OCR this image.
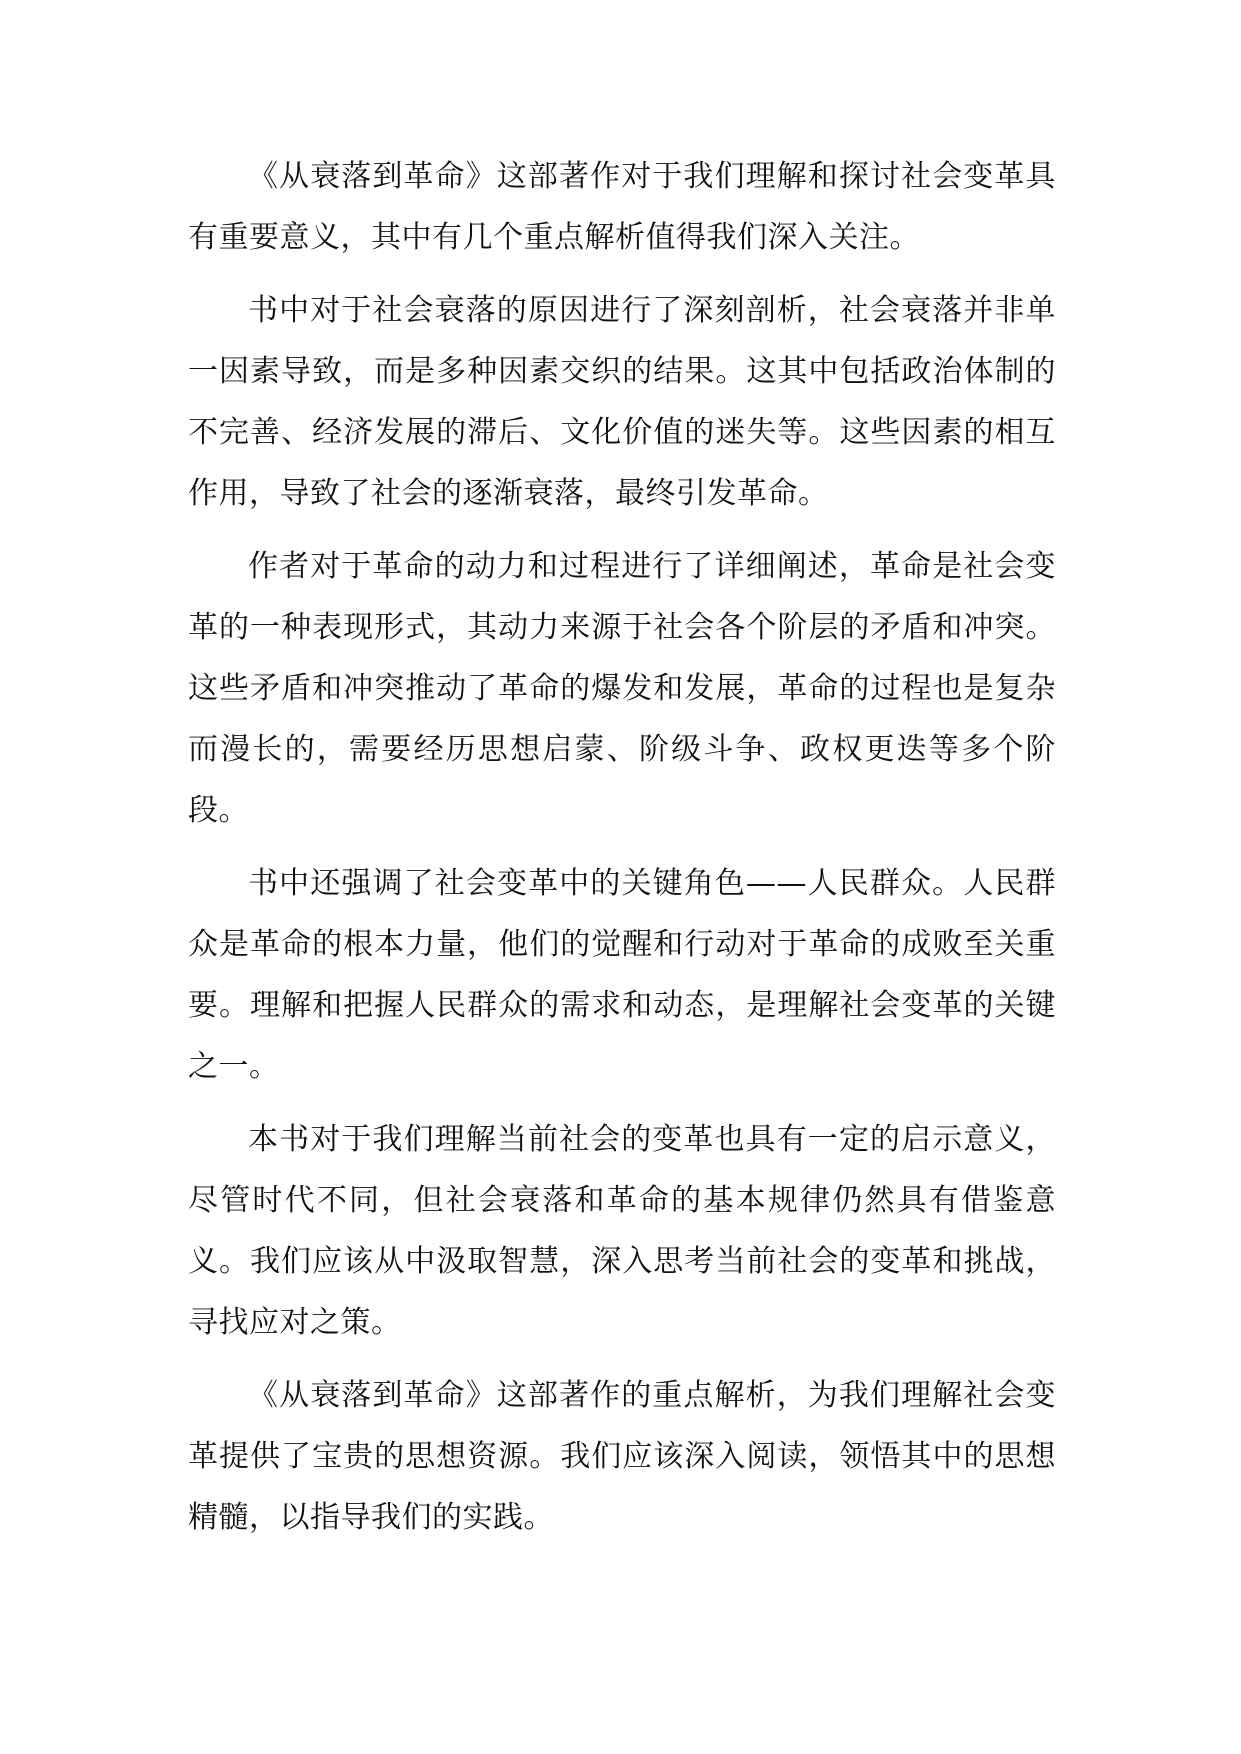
《从衰落到革命》这部著作对于我们理解和探讨社会变革具有重要意义，其中有几个重点解析值得我们深入关注。

书中对于社会衰落的原因进行了深刻剖析，社会衰落并非单一因素导致，而是多种因素交织的结果。这其中包括政治体制的不完善、经济发展的滞后、文化价值的迷失等。这些因素的相互作用，导致了社会的逐渐衰落，最终引发革命。

作者对于革命的动力和过程进行了详细阐述，革命是社会变革的一种表现形式，其动力来源于社会各个阶层的矛盾和冲突。这些矛盾和冲突推动了革命的爆发和发展，革命的过程也是复杂而漫长的，需要经历思想启蒙、阶级斗争、政权更迭等多个阶段。

书中还强调了社会变革中的关键角色——人民群众。人民群众是革命的根本力量，他们的觉醒和行动对于革命的成败至关重要。理解和把握人民群众的需求和动态，是理解社会变革的关键之一。

本书对于我们理解当前社会的变革也具有一定的启示意义，尽管时代不同，但社会衰落和革命的基本规律仍然具有借鉴意义。我们应该从中汲取智慧，深入思考当前社会的变革和挑战，寻找应对之策。

《从衰落到革命》这部著作的重点解析，为我们理解社会变革提供了宝贵的思想资源。我们应该深入阅读，领悟其中的思想精髓，以指导我们的实践。
